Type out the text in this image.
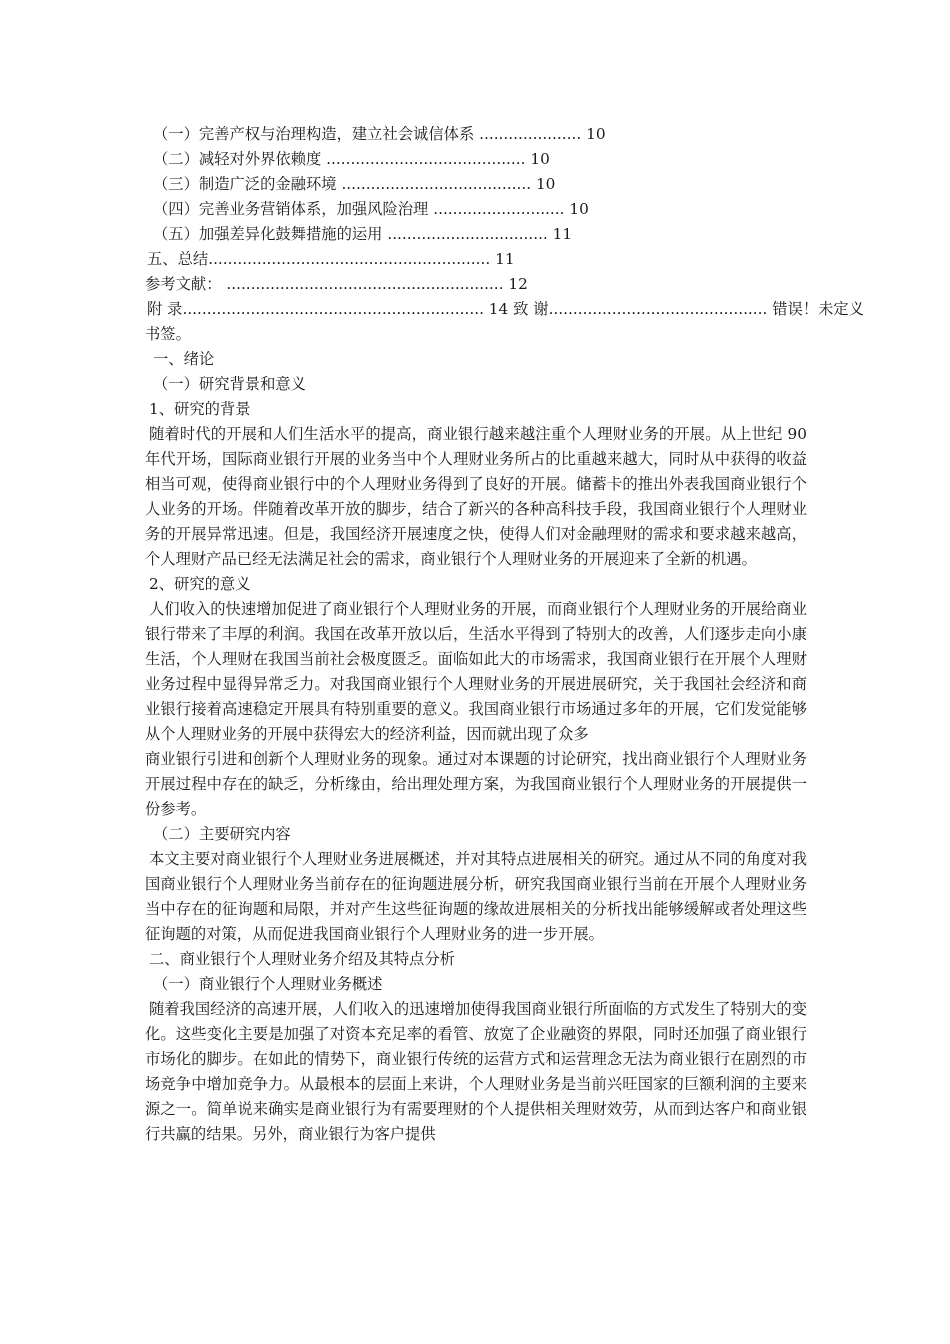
（一）完善产权与治理构造，建立社会诚信体系 ..................... 10
（二）减轻对外界依赖度 ......................................... 10
（三）制造广泛的金融环境 ....................................... 10
（四）完善业务营销体系，加强风险治理 ........................... 10
（五）加强差异化鼓舞措施的运用 ................................. 11
五、总结.......................................................... 11
参考文献： ......................................................... 12
附 录.............................................................. 14 致 谢............................................. 错误！未定义
书签。
一、绪论
（一）研究背景和意义
1、研究的背景

随着时代的开展和人们生活水平的提高，商业银行越来越注重个人理财业务的开展。从上世纪 90 年代开场，国际商业银行开展的业务当中个人理财业务所占的比重越来越大，同时从中获得的收益相当可观，使得商业银行中的个人理财业务得到了良好的开展。储蓄卡的推出外表我国商业银行个人业务的开场。伴随着改革开放的脚步，结合了新兴的各种高科技手段，我国商业银行个人理财业务的开展异常迅速。但是，我国经济开展速度之快，使得人们对金融理财的需求和要求越来越高，个人理财产品已经无法满足社会的需求，商业银行个人理财业务的开展迎来了全新的机遇。

2、研究的意义

人们收入的快速增加促进了商业银行个人理财业务的开展，而商业银行个人理财业务的开展给商业银行带来了丰厚的利润。我国在改革开放以后，生活水平得到了特别大的改善，人们逐步走向小康生活，个人理财在我国当前社会极度匮乏。面临如此大的市场需求，我国商业银行在开展个人理财业务过程中显得异常乏力。对我国商业银行个人理财业务的开展进展研究，关于我国社会经济和商业银行接着高速稳定开展具有特别重要的意义。我国商业银行市场通过多年的开展，它们发觉能够从个人理财业务的开展中获得宏大的经济利益，因而就出现了众多

商业银行引进和创新个人理财业务的现象。通过对本课题的讨论研究，找出商业银行个人理财业务开展过程中存在的缺乏，分析缘由，给出理处理方案，为我国商业银行个人理财业务的开展提供一份参考。

（二）主要研究内容

本文主要对商业银行个人理财业务进展概述，并对其特点进展相关的研究。通过从不同的角度对我国商业银行个人理财业务当前存在的征询题进展分析，研究我国商业银行当前在开展个人理财业务当中存在的征询题和局限，并对产生这些征询题的缘故进展相关的分析找出能够缓解或者处理这些征询题的对策，从而促进我国商业银行个人理财业务的进一步开展。

二、商业银行个人理财业务介绍及其特点分析
（一）商业银行个人理财业务概述

随着我国经济的高速开展，人们收入的迅速增加使得我国商业银行所面临的方式发生了特别大的变化。这些变化主要是加强了对资本充足率的看管、放宽了企业融资的界限，同时还加强了商业银行市场化的脚步。在如此的情势下，商业银行传统的运营方式和运营理念无法为商业银行在剧烈的市场竞争中增加竞争力。从最根本的层面上来讲，个人理财业务是当前兴旺国家的巨额利润的主要来源之一。简单说来确实是商业银行为有需要理财的个人提供相关理财效劳，从而到达客户和商业银行共赢的结果。另外，商业银行为客户提供
